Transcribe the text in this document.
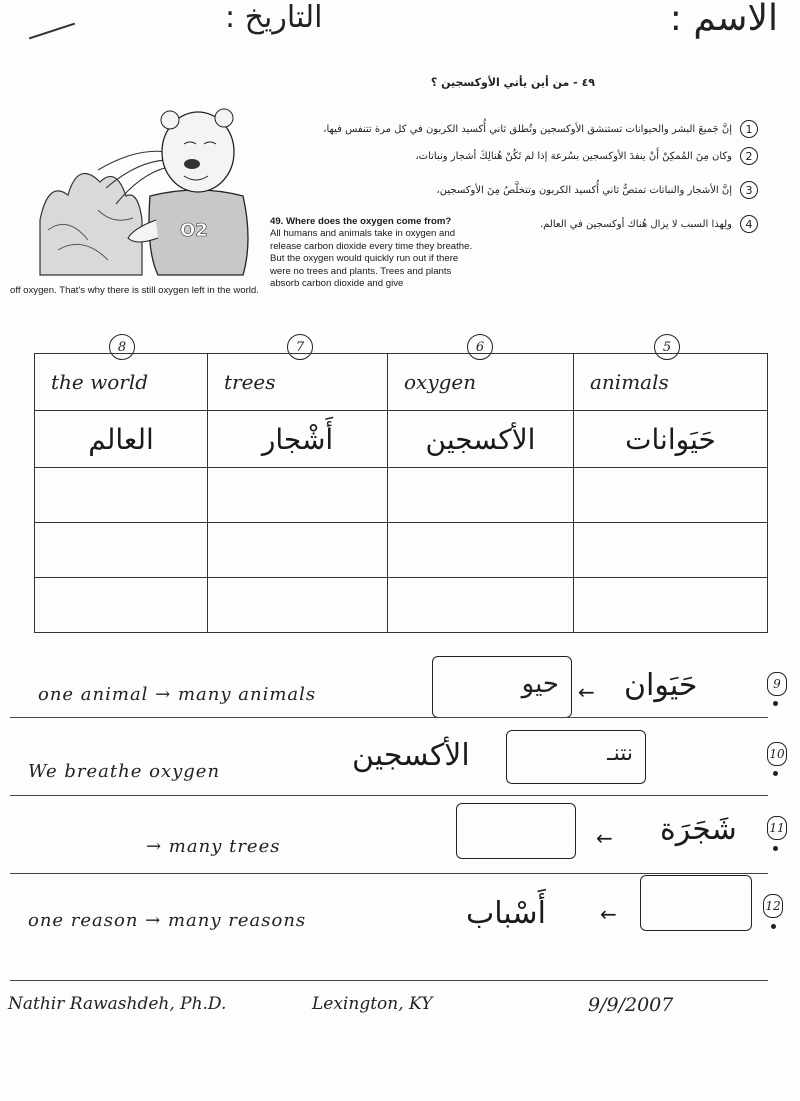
الاسم :
التاريخ :
٤٩ - من أين يأتي الأوكسجين ؟
1
إنَّ جَميعَ البشر والحيوانات تستنشق الأوكسجين وتُطلق ثاني أُكسيد الكربون في كل مرة تتنفس فيها،
2
وكان مِنَ المُمكِنْ أَنْ ينفدَ الأوكسجين بسُرعة إذا لم تَكُنْ هُنالِكَ أشجار ونباتات،
3
إنَّ الأشجار والنباتات تمتصُّ ثاني أُكسيد الكربون وتتخلَّصُ مِنَ الأوكسجين،
4
ولِهذا السبب لا يزال هُناك أوكسجين في العالم.
O2	49. Where does the oxygen come from?
All humans and animals take in oxygen and release carbon dioxide every time they breathe. But the oxygen would quickly run out if there were no trees and plants. Trees and plants absorb carbon dioxide and give
off oxygen. That's why there is still oxygen left in the world.
8	7	6	5
the world	trees	oxygen	animals
العالم	أَشْجار	الأكسجين	حَيَوانات

one animal → many animals	حيو ← حَيَوان	9
We breathe oxygen	الأكسجين	نتنـ	10
→ many trees	← شَجَرَة	11
one reason → many reasons	أَسْباب	←	12
Nathir Rawashdeh, Ph.D.	Lexington, KY	9/9/2007
